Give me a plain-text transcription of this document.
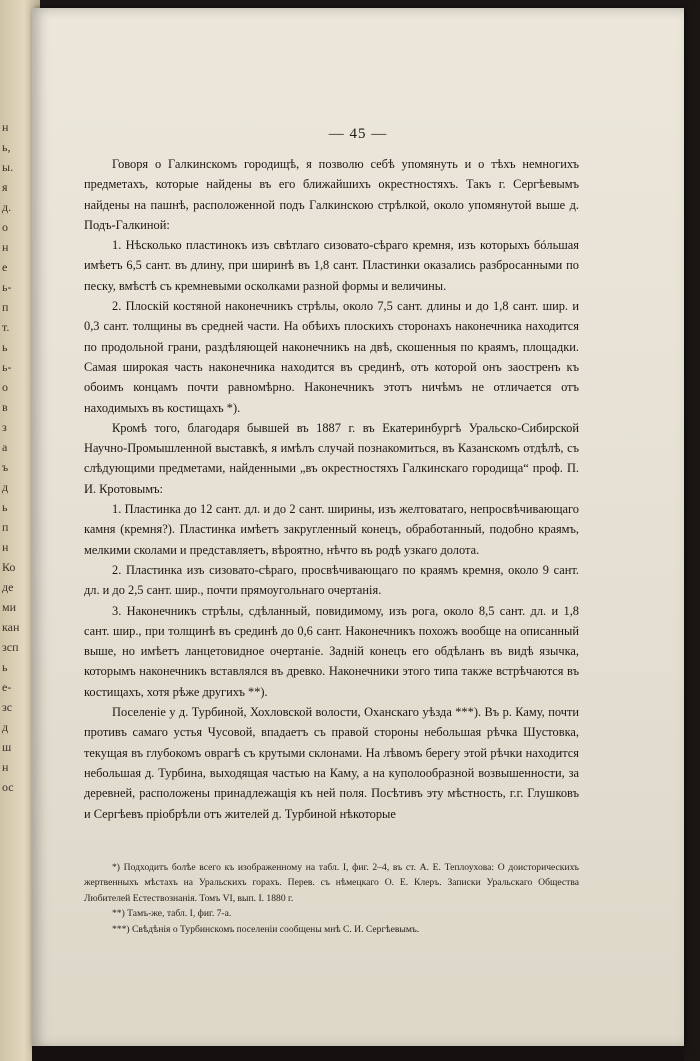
н
ь,
ы.
я
д.
о
н
е
ь-
п
т.
ь
ь-
о
в
з
а
ъ
д
ь
п
н
Ко
де
ми
кан
зсп
ь
е-
зс
д
ш
н
ос
— 45 —

Говоря о Галкинскомъ городищѣ, я позволю себѣ упомянуть и о тѣхъ немногихъ предметахъ, которые найдены въ его ближайшихъ окрестностяхъ. Такъ г. Сергѣевымъ найдены на пашнѣ, расположенной подъ Галкинскою стрѣлкой, около упомянутой выше д. Подъ-Галкиной:

1. Нѣсколько пластинокъ изъ свѣтлаго сизовато-сѣраго кремня, изъ которыхъ бóльшая имѣетъ 6,5 сант. въ длину, при ширинѣ въ 1,8 сант. Пластинки оказались разбросанными по песку, вмѣстѣ съ кремневыми осколками разной формы и величины.

2. Плоскій костяной наконечникъ стрѣлы, около 7,5 сант. длины и до 1,8 сант. шир. и 0,3 сант. толщины въ средней части. На обѣихъ плоскихъ сторонахъ наконечника находится по продольной грани, раздѣляющей наконечникъ на двѣ, скошенныя по краямъ, площадки. Самая широкая часть наконечника находится въ срединѣ, отъ которой онъ заостренъ къ обоимъ концамъ почти равномѣрно. Наконечникъ этотъ ничѣмъ не отличается отъ находимыхъ въ костищахъ *).

Кромѣ того, благодаря бывшей въ 1887 г. въ Екатеринбургѣ Уральско-Сибирской Научно-Промышленной выставкѣ, я имѣлъ случай познакомиться, въ Казанскомъ отдѣлѣ, съ слѣдующими предметами, найденными „въ окрестностяхъ Галкинскаго городища“ проф. П. И. Кротовымъ:

1. Пластинка до 12 сант. дл. и до 2 сант. ширины, изъ желтоватаго, непросвѣчивающаго камня (кремня?). Пластинка имѣетъ закругленный конецъ, обработанный, подобно краямъ, мелкими сколами и представляетъ, вѣроятно, нѣчто въ родѣ узкаго долота.

2. Пластинка изъ сизовато-сѣраго, просвѣчивающаго по краямъ кремня, около 9 сант. дл. и до 2,5 сант. шир., почти прямоугольнаго очертанія.

3. Наконечникъ стрѣлы, сдѣланный, повидимому, изъ рога, около 8,5 сант. дл. и 1,8 сант. шир., при толщинѣ въ срединѣ до 0,6 сант. Наконечникъ похожъ вообще на описанный выше, но имѣетъ ланцетовидное очертаніе. Задній конецъ его обдѣланъ въ видѣ язычка, которымъ наконечникъ вставлялся въ древко. Наконечники этого типа также встрѣчаются въ костищахъ, хотя рѣже другихъ **).

Поселеніе у д. Турбиной, Хохловской волости, Оханскаго уѣзда ***). Въ р. Каму, почти противъ самаго устья Чусовой, впадаетъ съ правой стороны небольшая рѣчка Шустовка, текущая въ глубокомъ оврагѣ съ крутыми склонами. На лѣвомъ берегу этой рѣчки находится небольшая д. Турбина, выходящая частью на Каму, а на куполообразной возвышенности, за деревней, расположены принадлежащія къ ней поля. Посѣтивъ эту мѣстность, г.г. Глушковъ и Сергѣевъ пріобрѣли отъ жителей д. Турбиной нѣкоторые

*) Подходитъ болѣе всего къ изображенному на табл. I, фиг. 2–4, въ ст. А. Е. Теплоухова: О доисторическихъ жертвенныхъ мѣстахъ на Уральскихъ горахъ. Перев. съ нѣмецкаго О. Е. Клеръ. Записки Уральскаго Общества Любителей Естествознанія. Томъ VI, вып. I. 1880 г.

**) Тамъ-же, табл. I, фиг. 7-а.

***) Свѣдѣнія о Турбинскомъ поселеніи сообщены мнѣ С. И. Сергѣевымъ.
